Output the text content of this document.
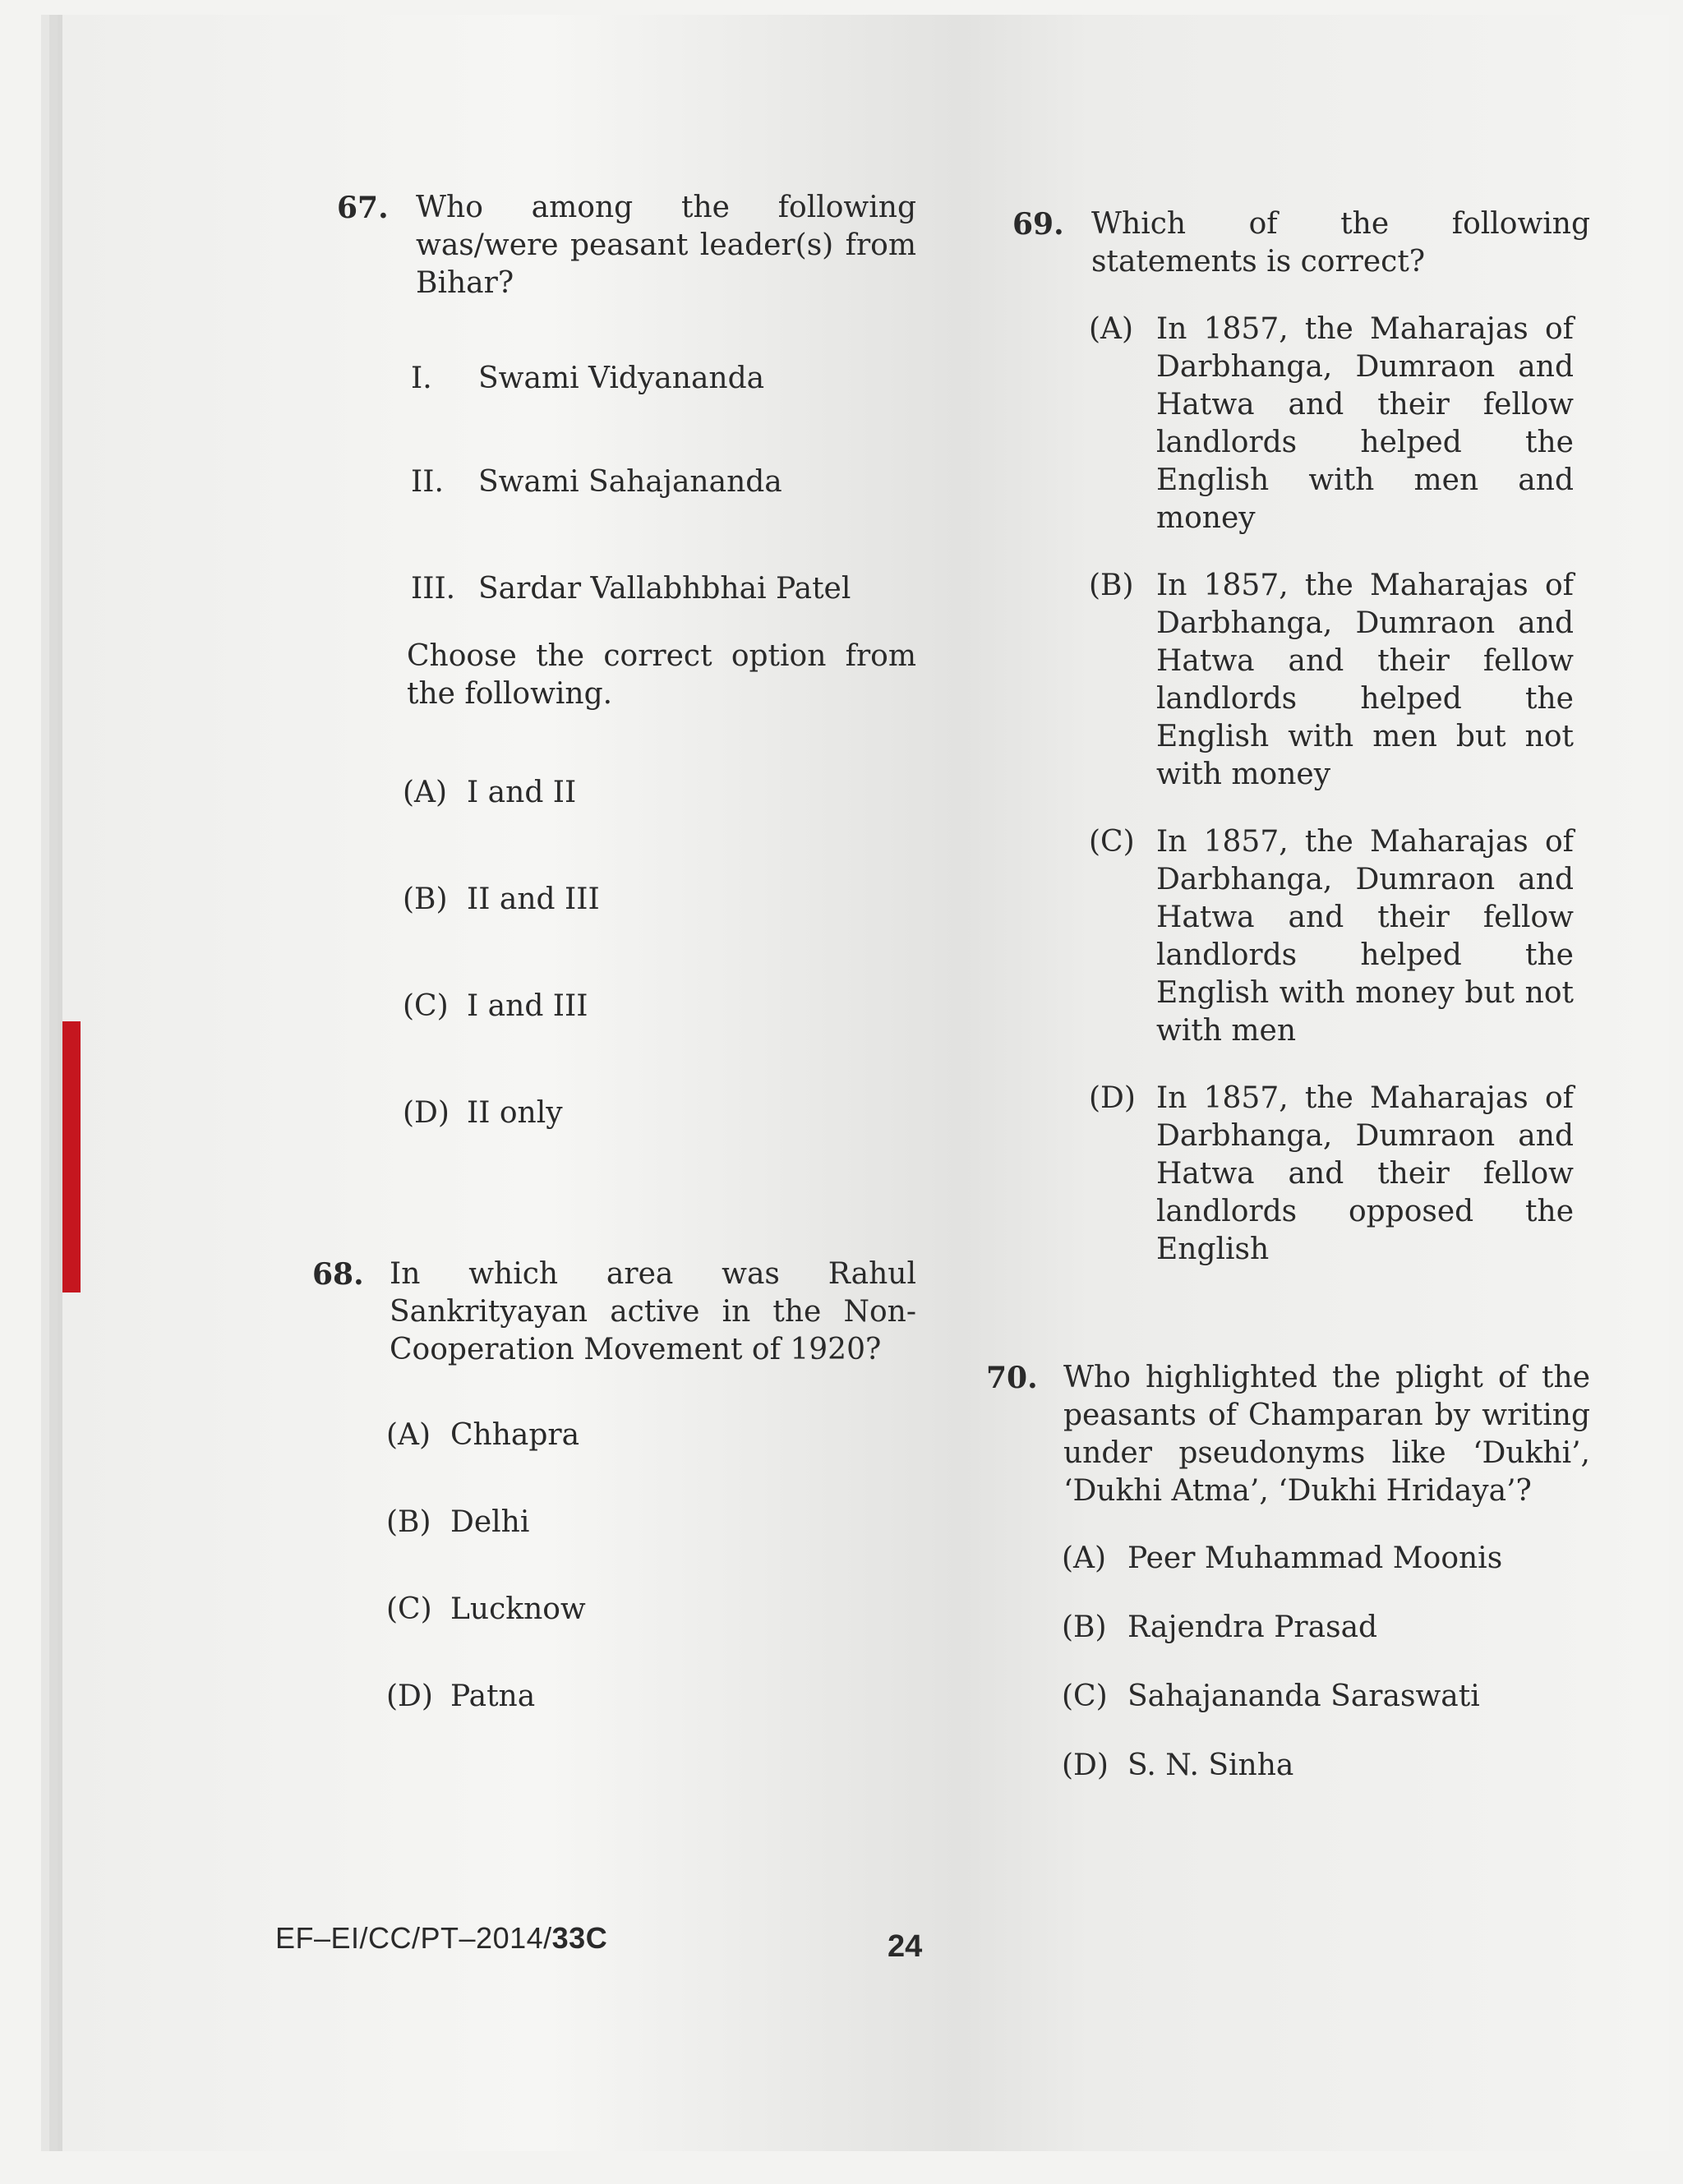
67. Who among the following was/were peasant leader(s) from Bihar?
I.	Swami Vidyananda
II.	Swami Sahajananda
III. Sardar Vallabhbhai Patel
Choose the correct option from the following.
(A) I and II
(B) II and III
(C) I and III
(D) II only
68. In which area was Rahul Sankrityayan active in the Non-Cooperation Movement of 1920?
(A) Chhapra
(B) Delhi
(C) Lucknow
(D) Patna
69. Which of the following statements is correct?
(A) In 1857, the Maharajas of Darbhanga, Dumraon and Hatwa and their fellow landlords helped the English with men and money
(B) In 1857, the Maharajas of Darbhanga, Dumraon and Hatwa and their fellow landlords helped the English with men but not with money
(C) In 1857, the Maharajas of Darbhanga, Dumraon and Hatwa and their fellow landlords helped the English with money but not with men
(D) In 1857, the Maharajas of Darbhanga, Dumraon and Hatwa and their fellow landlords opposed the English
70. Who highlighted the plight of the peasants of Champaran by writing under pseudonyms like ‘Dukhi’, ‘Dukhi Atma’, ‘Dukhi Hridaya’?
(A) Peer Muhammad Moonis
(B) Rajendra Prasad
(C) Sahajananda Saraswati
(D) S. N. Sinha
EF–EI/CC/PT–2014/33C	24
